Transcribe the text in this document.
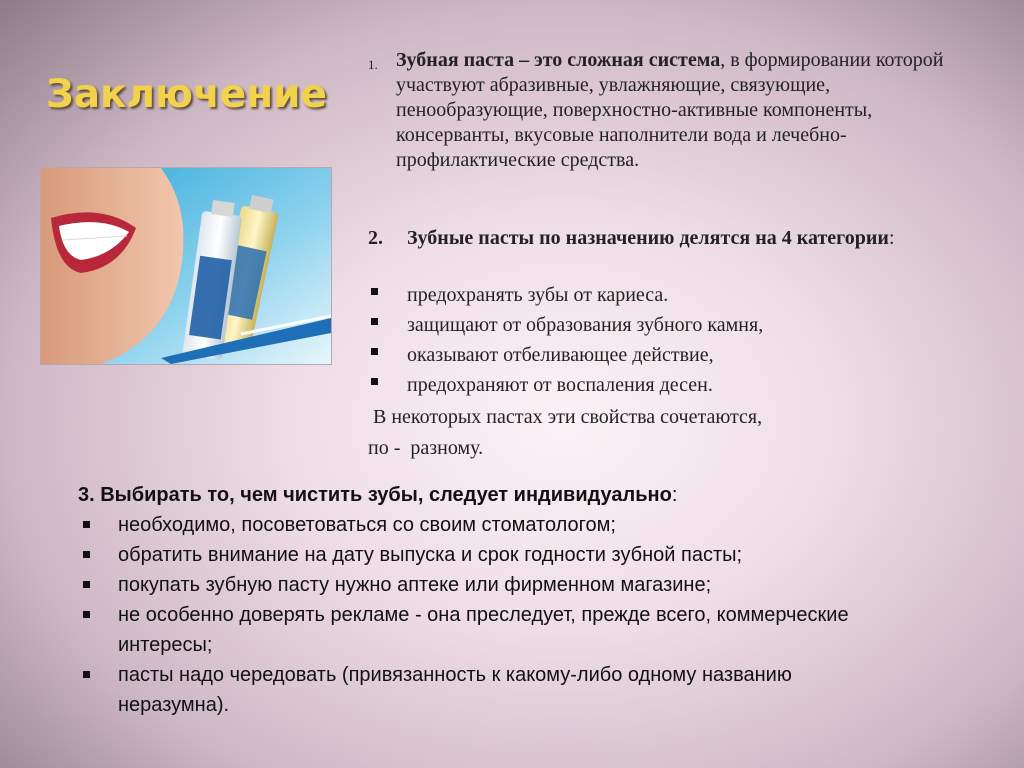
Заключение
1. Зубная паста – это сложная система, в формировании которой участвуют абразивные, увлажняющие, связующие, пенообразующие, поверхностно-активные компоненты, консерванты, вкусовые наполнители вода и лечебно-профилактические средства.
2. Зубные пасты по назначению делятся на 4 категории:
предохранять зубы от кариеса.
защищают от образования зубного камня,
оказывают отбеливающее действие,
предохраняют от воспаления десен.
В некоторых пастах эти свойства сочетаются,
по -  разному.
3. Выбирать то, чем чистить зубы, следует индивидуально:
необходимо, посоветоваться со своим стоматологом;
обратить внимание на дату выпуска и срок годности зубной пасты;
покупать зубную пасту нужно аптеке или фирменном магазине;
не особенно доверять рекламе - она преследует, прежде всего, коммерческие интересы;
пасты надо чередовать (привязанность к какому-либо одному названию неразумна).
